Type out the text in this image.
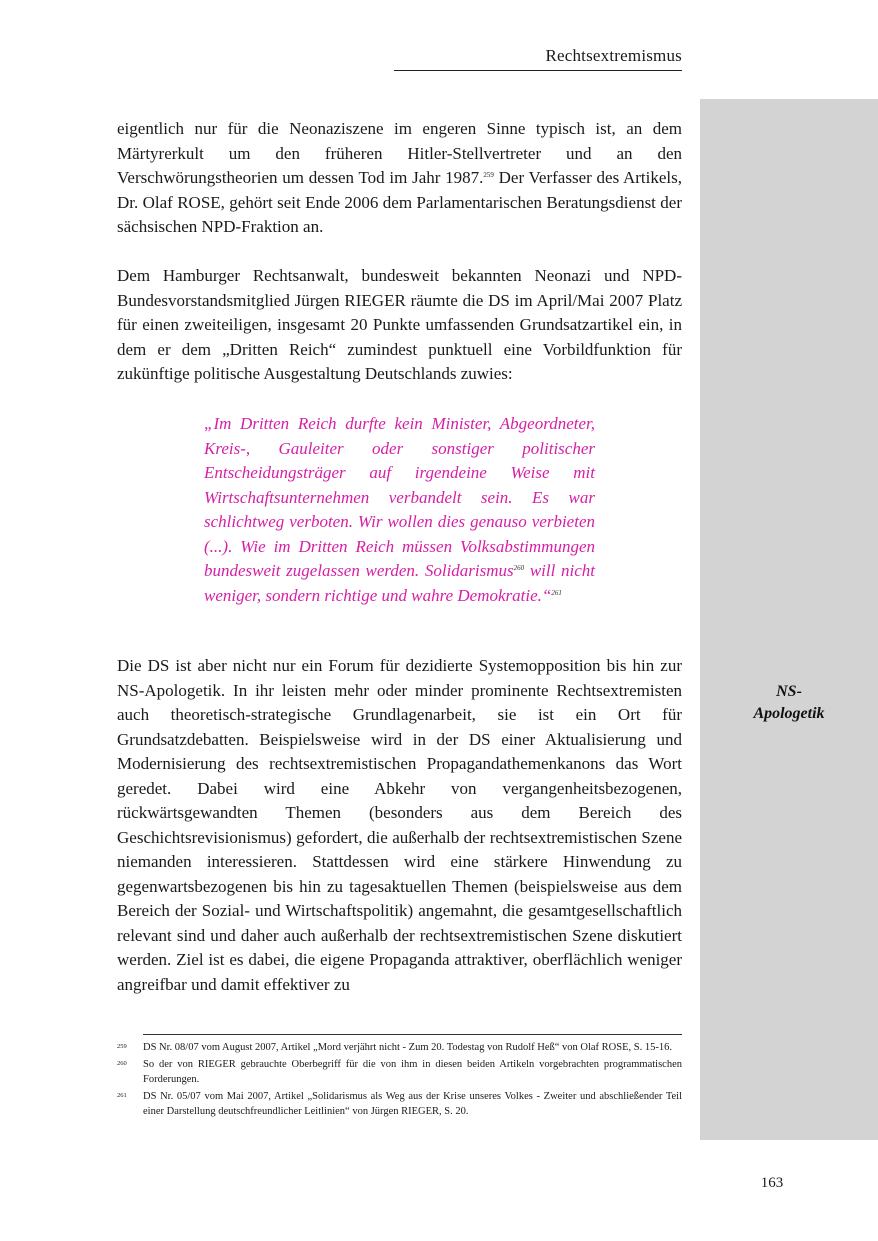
Rechtsextremismus
NS-
Apologetik

eigentlich nur für die Neonaziszene im engeren Sinne typisch ist, an dem Märtyrerkult um den früheren Hitler-Stellvertreter und an den Verschwörungstheorien um dessen Tod im Jahr 1987.$^{259}$ Der Verfasser des Artikels, Dr. Olaf ROSE, gehört seit Ende 2006 dem Parlamentarischen Beratungsdienst der sächsischen NPD-Fraktion an.

Dem Hamburger Rechtsanwalt, bundesweit bekannten Neonazi und NPD-Bundesvorstandsmitglied Jürgen RIEGER räumte die DS im April/Mai 2007 Platz für einen zweiteiligen, insgesamt 20 Punkte umfassenden Grundsatzartikel ein, in dem er dem „Dritten Reich“ zumindest punktuell eine Vorbildfunktion für zukünftige politische Ausgestaltung Deutschlands zuwies:

„Im Dritten Reich durfte kein Minister, Abgeordneter, Kreis-, Gauleiter oder sonstiger politischer Entscheidungsträger auf irgendeine Weise mit Wirtschaftsunternehmen verbandelt sein. Es war schlichtweg verboten. Wir wollen dies genauso verbieten (...). Wie im Dritten Reich müssen Volksabstimmungen bundesweit zugelassen werden. Solidarismus$^{260}$ will nicht weniger, sondern richtige und wahre Demokratie.“$^{261}$

Die DS ist aber nicht nur ein Forum für dezidierte Systemopposition bis hin zur NS-Apologetik. In ihr leisten mehr oder minder prominente Rechtsextremisten auch theoretisch-strategische Grundlagenarbeit, sie ist ein Ort für Grundsatzdebatten. Beispielsweise wird in der DS einer Aktualisierung und Modernisierung des rechtsextremistischen Propagandathemenkanons das Wort geredet. Dabei wird eine Abkehr von vergangenheitsbezogenen, rückwärtsgewandten Themen (besonders aus dem Bereich des Geschichtsrevisionismus) gefordert, die außerhalb der rechtsextremistischen Szene niemanden interessieren. Stattdessen wird eine stärkere Hinwendung zu gegenwartsbezogenen bis hin zu tagesaktuellen Themen (beispielsweise aus dem Bereich der Sozial- und Wirtschaftspolitik) angemahnt, die gesamtgesellschaftlich relevant sind und daher auch außerhalb der rechtsextremistischen Szene diskutiert werden. Ziel ist es dabei, die eigene Propaganda attraktiver, oberflächlich weniger angreifbar und damit effektiver zu

259 DS Nr. 08/07 vom August 2007, Artikel „Mord verjährt nicht - Zum 20. Todestag von Rudolf Heß“ von Olaf ROSE, S. 15-16.
260 So der von RIEGER gebrauchte Oberbegriff für die von ihm in diesen beiden Artikeln vorgebrachten programmatischen Forderungen.
261 DS Nr. 05/07 vom Mai 2007, Artikel „Solidarismus als Weg aus der Krise unseres Volkes - Zweiter und abschließender Teil einer Darstellung deutschfreundlicher Leitlinien“ von Jürgen RIEGER, S. 20.
163
